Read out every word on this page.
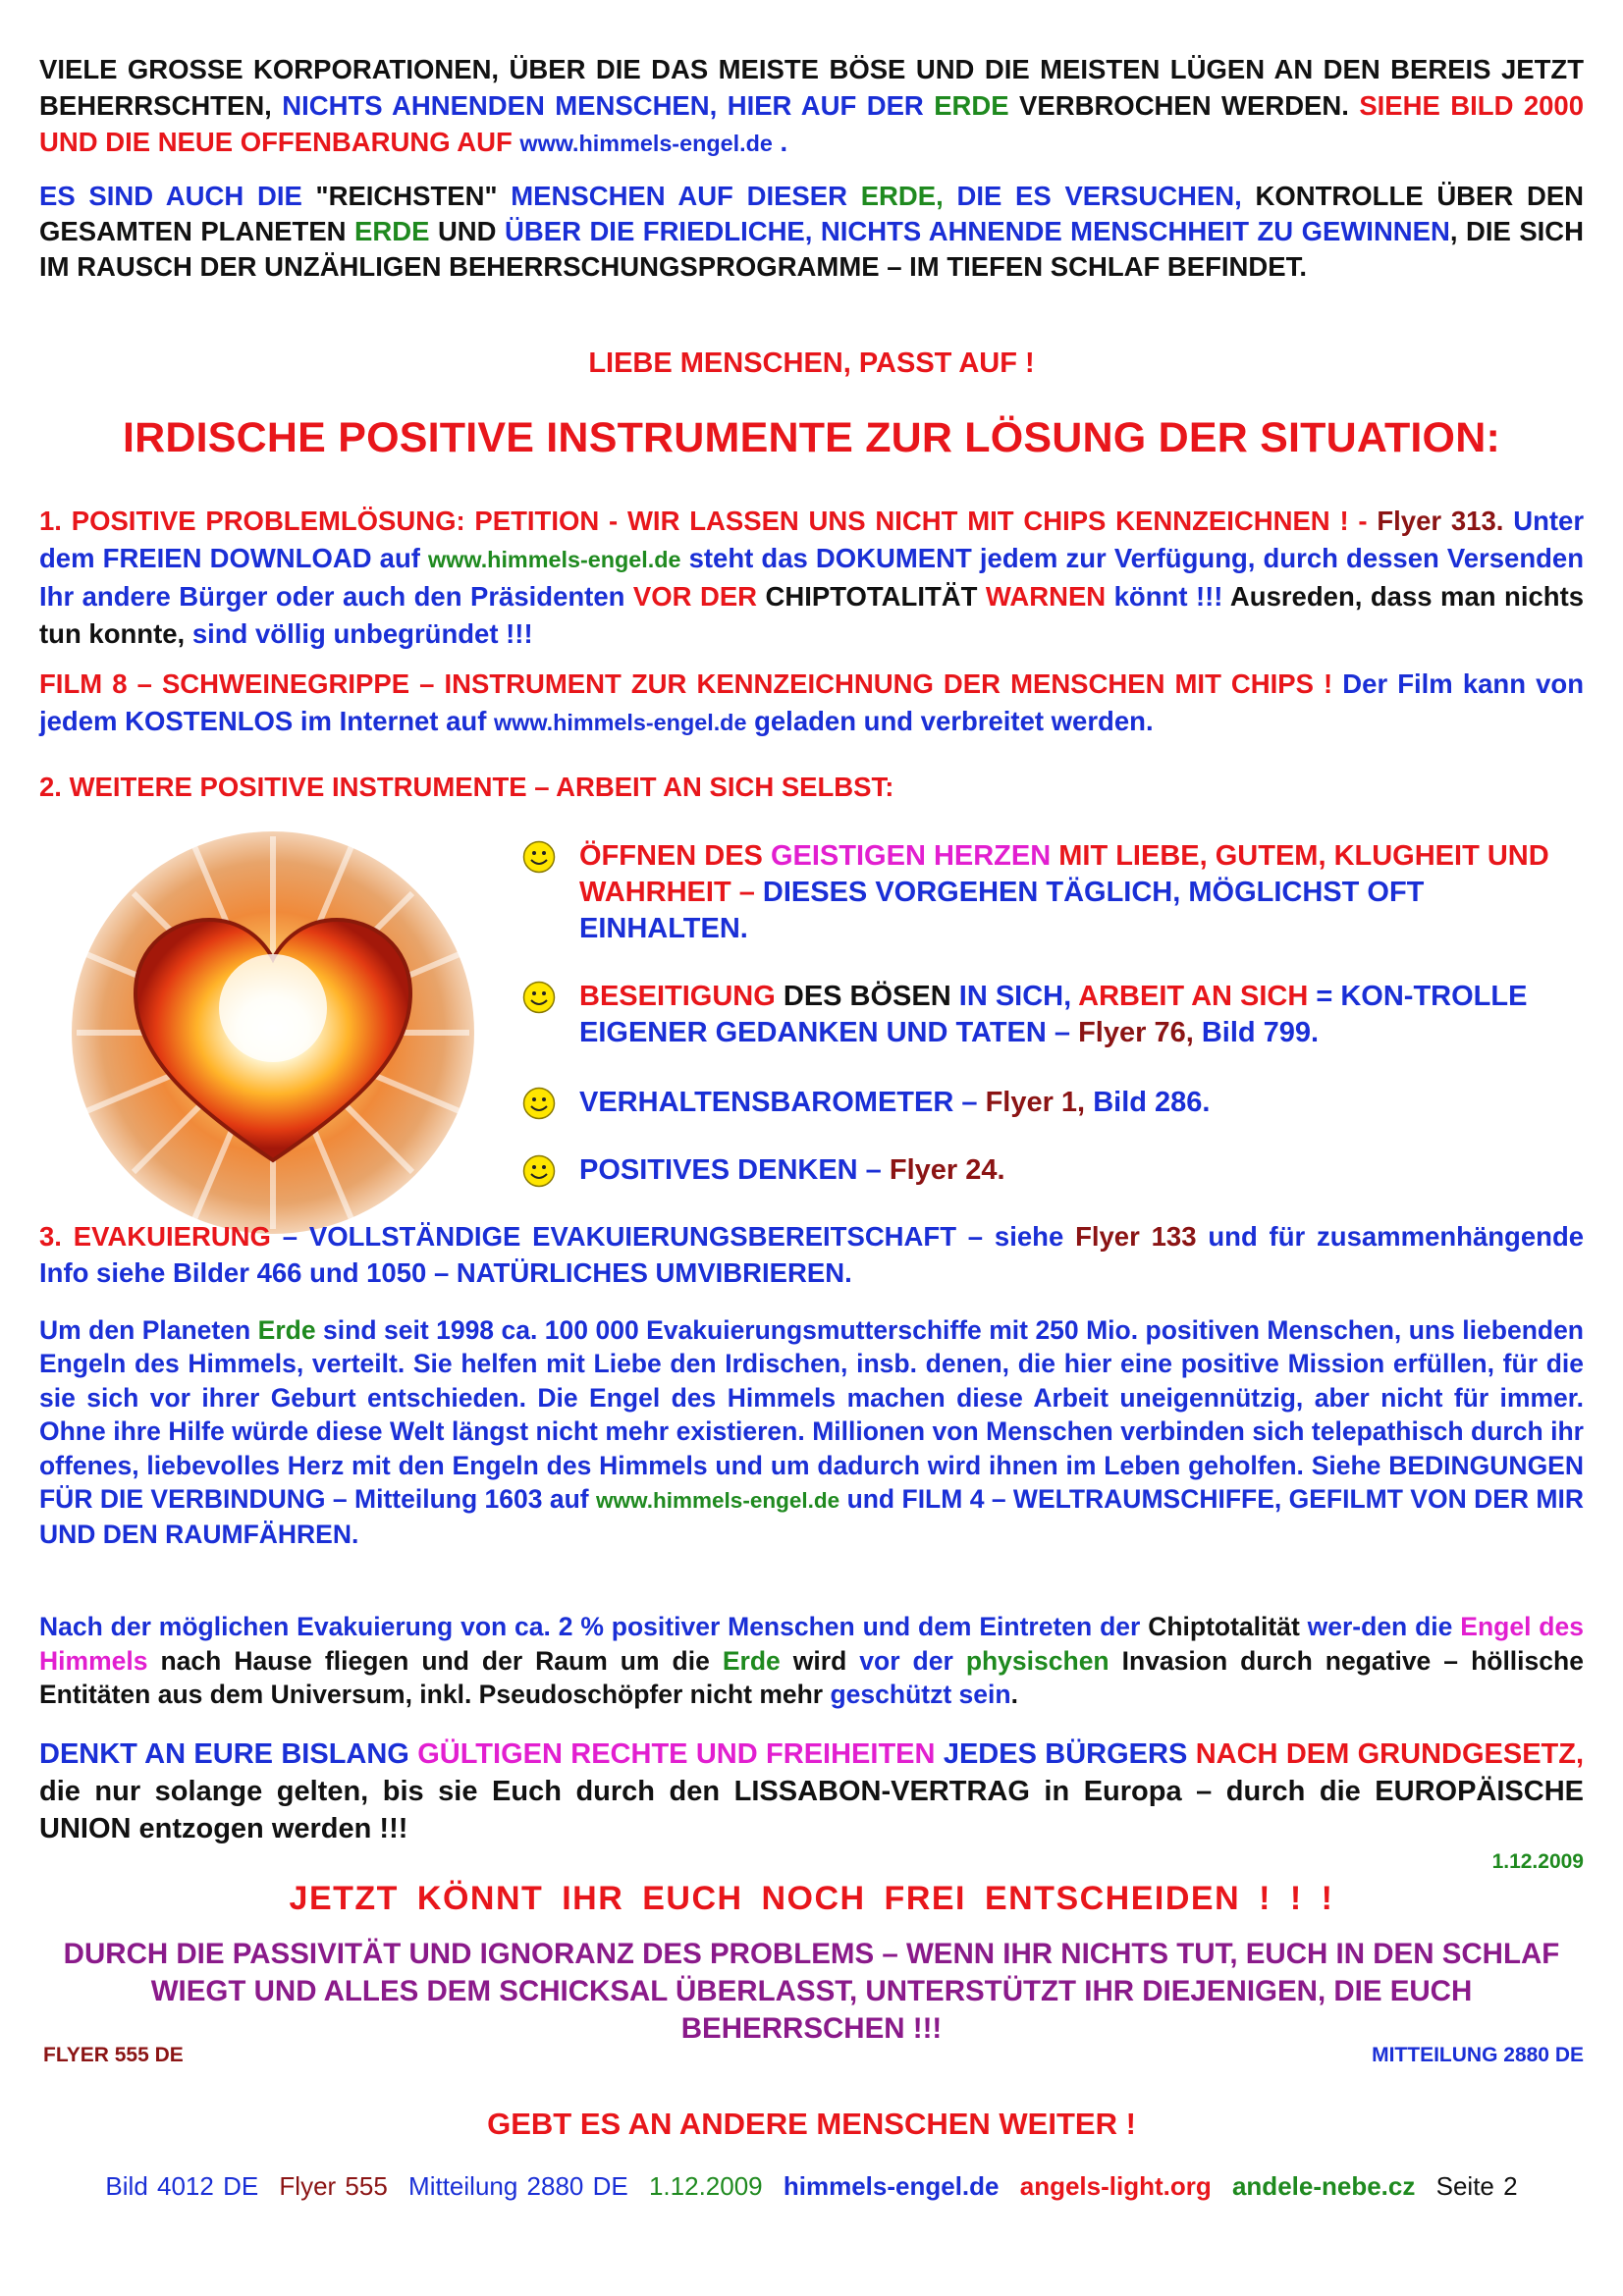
VIELE GROSSE KORPORATIONEN, ÜBER DIE DAS MEISTE BÖSE UND DIE MEISTEN LÜGEN AN DEN BEREIS JETZT BEHERRSCHTEN, NICHTS AHNENDEN MENSCHEN, HIER AUF DER ERDE VERBROCHEN WERDEN. SIEHE BILD 2000 UND DIE NEUE OFFENBARUNG AUF www.himmels-engel.de .
ES SIND AUCH DIE "REICHSTEN" MENSCHEN AUF DIESER ERDE, DIE ES VERSUCHEN, KONTROLLE ÜBER DEN GESAMTEN PLANETEN ERDE UND ÜBER DIE FRIEDLICHE, NICHTS AHNENDE MENSCHHEIT ZU GEWINNEN, DIE SICH IM RAUSCH DER UNZÄHLIGEN BEHERRSCHUNGSPROGRAMME – IM TIEFEN SCHLAF BEFINDET.
LIEBE MENSCHEN, PASST AUF !
IRDISCHE POSITIVE INSTRUMENTE ZUR LÖSUNG DER SITUATION:
1. POSITIVE PROBLEMLÖSUNG: PETITION - WIR LASSEN UNS NICHT MIT CHIPS KENNZEICHNEN ! - Flyer 313. Unter dem FREIEN DOWNLOAD auf www.himmels-engel.de steht das DOKUMENT jedem zur Verfügung, durch dessen Versenden Ihr andere Bürger oder auch den Präsidenten VOR DER CHIPTOTALITÄT WARNEN könnt !!! Ausreden, dass man nichts tun konnte, sind völlig unbegründet !!!
FILM 8 – SCHWEINEGRIPPE – INSTRUMENT ZUR KENNZEICHNUNG DER MENSCHEN MIT CHIPS ! Der Film kann von jedem KOSTENLOS im Internet auf www.himmels-engel.de geladen und verbreitet werden.
2. WEITERE POSITIVE INSTRUMENTE – ARBEIT AN SICH SELBST:
ÖFFNEN DES GEISTIGEN HERZEN MIT LIEBE, GUTEM, KLUGHEIT UND WAHRHEIT – DIESES VORGEHEN TÄGLICH, MÖGLICHST OFT EINHALTEN.
BESEITIGUNG DES BÖSEN IN SICH, ARBEIT AN SICH = KON-TROLLE EIGENER GEDANKEN UND TATEN – Flyer 76, Bild 799.
VERHALTENSBAROMETER – Flyer 1, Bild 286.
POSITIVES DENKEN – Flyer 24.
3. EVAKUIERUNG – VOLLSTÄNDIGE EVAKUIERUNGSBEREITSCHAFT – siehe Flyer 133 und für zusammenhängende Info siehe Bilder 466 und 1050 – NATÜRLICHES UMVIBRIEREN.
Um den Planeten Erde sind seit 1998 ca. 100 000 Evakuierungsmutterschiffe mit 250 Mio. positiven Menschen, uns liebenden Engeln des Himmels, verteilt. Sie helfen mit Liebe den Irdischen, insb. denen, die hier eine positive Mission erfüllen, für die sie sich vor ihrer Geburt entschieden. Die Engel des Himmels machen diese Arbeit uneigennützig, aber nicht für immer. Ohne ihre Hilfe würde diese Welt längst nicht mehr existieren. Millionen von Menschen verbinden sich telepathisch durch ihr offenes, liebevolles Herz mit den Engeln des Himmels und um dadurch wird ihnen im Leben geholfen. Siehe BEDINGUNGEN FÜR DIE VERBINDUNG – Mitteilung 1603 auf www.himmels-engel.de und FILM 4 – WELTRAUMSCHIFFE, GEFILMT VON DER MIR UND DEN RAUMFÄHREN.
Nach der möglichen Evakuierung von ca. 2 % positiver Menschen und dem Eintreten der Chiptotalität wer-den die Engel des Himmels nach Hause fliegen und der Raum um die Erde wird vor der physischen Invasion durch negative – höllische Entitäten aus dem Universum, inkl. Pseudoschöpfer nicht mehr geschützt sein.
DENKT AN EURE BISLANG GÜLTIGEN RECHTE UND FREIHEITEN JEDES BÜRGERS NACH DEM GRUNDGESETZ, die nur solange gelten, bis sie Euch durch den LISSABON-VERTRAG in Europa – durch die EUROPÄISCHE UNION entzogen werden !!!
1.12.2009
JETZT KÖNNT IHR EUCH NOCH FREI ENTSCHEIDEN ! ! !
DURCH DIE PASSIVITÄT UND IGNORANZ DES PROBLEMS – WENN IHR NICHTS TUT, EUCH IN DEN SCHLAF WIEGT UND ALLES DEM SCHICKSAL ÜBERLASST, UNTERSTÜTZT IHR DIEJENIGEN, DIE EUCH BEHERRSCHEN !!!
FLYER 555 DE	MITTEILUNG 2880 DE
GEBT ES AN ANDERE MENSCHEN WEITER !
Bild 4012 DE Flyer 555 Mitteilung 2880 DE 1.12.2009 himmels-engel.de angels-light.org andele-nebe.cz Seite 2
